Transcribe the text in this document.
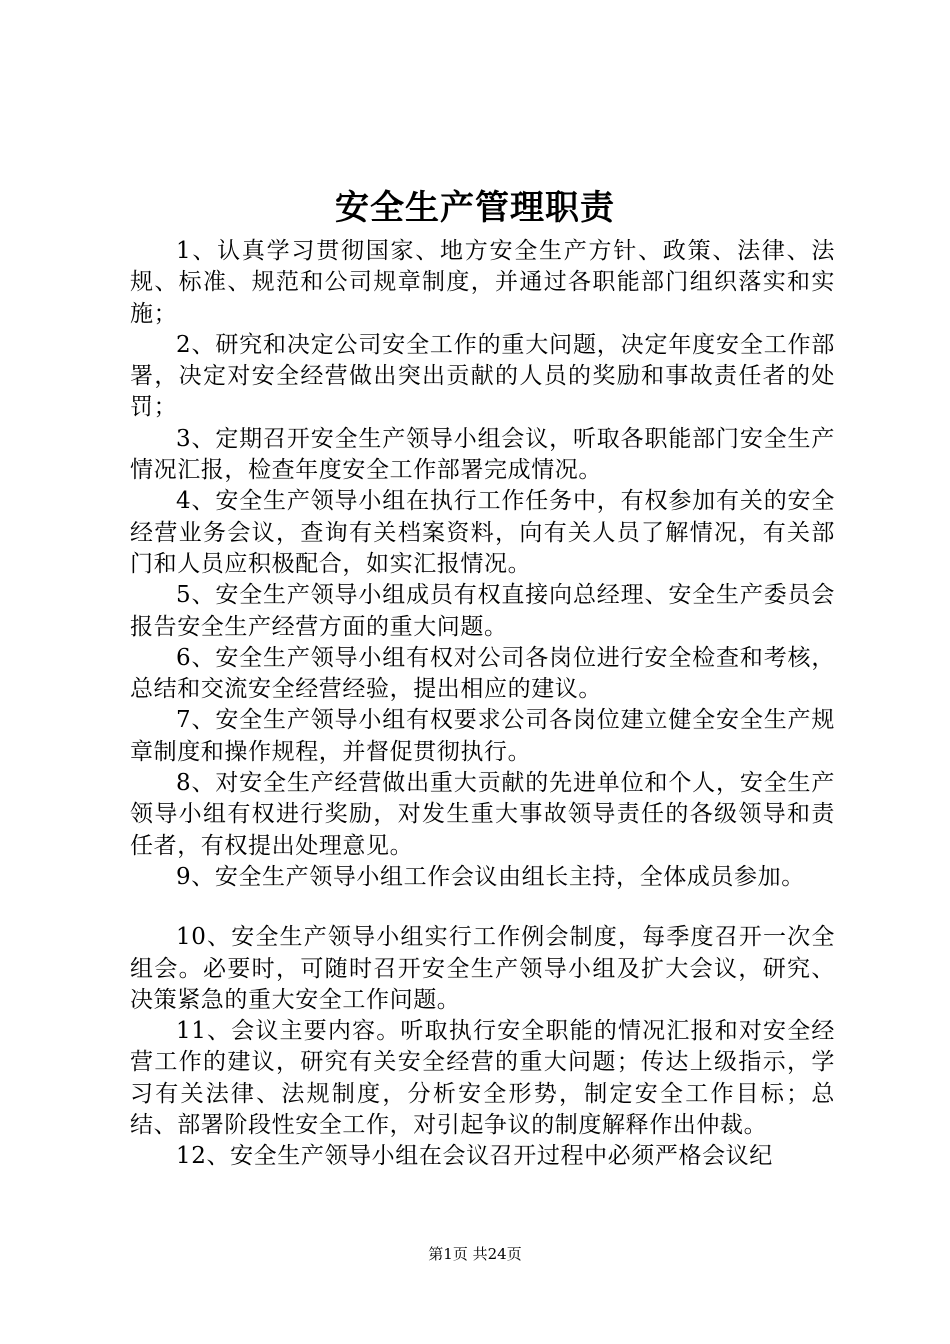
安全生产管理职责

1、认真学习贯彻国家、地方安全生产方针、政策、法律、法规、标准、规范和公司规章制度，并通过各职能部门组织落实和实施；

2、研究和决定公司安全工作的重大问题，决定年度安全工作部署，决定对安全经营做出突出贡献的人员的奖励和事故责任者的处罚；

3、定期召开安全生产领导小组会议，听取各职能部门安全生产情况汇报，检查年度安全工作部署完成情况。

4、安全生产领导小组在执行工作任务中，有权参加有关的安全经营业务会议，查询有关档案资料，向有关人员了解情况，有关部门和人员应积极配合，如实汇报情况。

5、安全生产领导小组成员有权直接向总经理、安全生产委员会报告安全生产经营方面的重大问题。

6、安全生产领导小组有权对公司各岗位进行安全检查和考核，总结和交流安全经营经验，提出相应的建议。

7、安全生产领导小组有权要求公司各岗位建立健全安全生产规章制度和操作规程，并督促贯彻执行。

8、对安全生产经营做出重大贡献的先进单位和个人，安全生产领导小组有权进行奖励，对发生重大事故领导责任的各级领导和责任者，有权提出处理意见。

9、安全生产领导小组工作会议由组长主持，全体成员参加。

10、安全生产领导小组实行工作例会制度，每季度召开一次全组会。必要时，可随时召开安全生产领导小组及扩大会议，研究、决策紧急的重大安全工作问题。

11、会议主要内容。听取执行安全职能的情况汇报和对安全经营工作的建议，研究有关安全经营的重大问题；传达上级指示，学习有关法律、法规制度，分析安全形势，制定安全工作目标；总结、部署阶段性安全工作，对引起争议的制度解释作出仲裁。

12、安全生产领导小组在会议召开过程中必须严格会议纪

第1页 共24页
